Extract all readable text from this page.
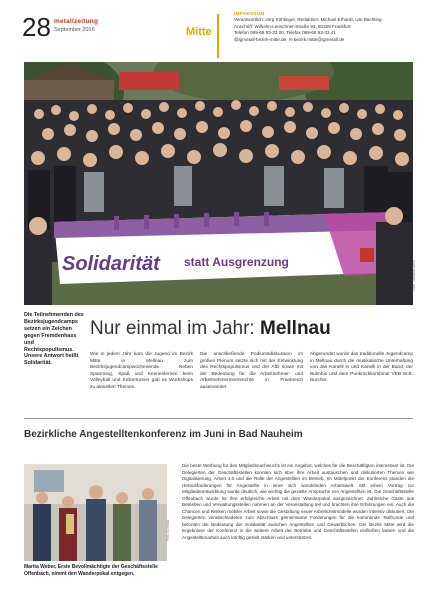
28 metallzeitung
September 2016	Mitte
IMPRESSUM
Verantwortlich: Jörg Köhlinger, Redaktion: Michael Erhardt, Ute Büchting
Anschrift: Wilhelm-Leuschner-Straße 93, 60329 Frankfurt
Telefon 069-66 93-33 00, Telefax 069-66 93-33 41
@igmetall-bezirk-mitte.de, ✉ bezirk.mitte@igmetall.de
Solidarität statt Ausgrenzung	Foto: Stefanie Stein
Die Teilnehmenden des Bezirksjugendcamps setzen ein Zeichen gegen Fremdenhass und Rechtspopulismus. Unsere Antwort heißt Solidarität.
Nur einmal im Jahr: Mellnau
Wie in jedem Jahr kam die Jugend im Bezirk Mitte in Mellnau zum Bezirksjugendcampwochenende. Neben Spannung, Spaß und Kennenlernen beim Volleyball und Kickerturnier gab es Workshops zu aktuellen Themen.
Die anschließende Podiumsdiskussion im großen Plenum setzte sich mit der Entwicklung des Rechtspopulismus und der AfD sowie mit der Bedeutung für die Arbeitnehmer- und Arbeitnehmerinnenrechte in Frankreich auseinander.
Abgerundet wurde das traditionelle Jugendcamp in Mellnau durch die musikalische Unterhaltung von Jan Kanelli in und Kanelli in der Band, der Bulmbio und dem Punkrockkombinat VEB W.B. Burcher.
Bezirkliche Angestelltenkonferenz im Juni in Bad Nauheim
Foto: IG Metall
Marita Weber, Erste Bevollmächtigte der Geschäftsstelle Offenbach, nimmt den Wanderpokal entgegen.
Die beste Werbung für den Mitgliedsnachwuchs ist ein Angebot, welches für die Beschäftigten interessant ist. Die Delegierten der Geschäftsstellen konnten sich über ihre Arbeit austauschen und diskutierten Themen wie Digitalisierung, Arbeit 4.0 und die Rolle der Angestellten im Betrieb. Im Mittelpunkt der Konferenz standen die Herausforderungen für Angestellte in einer sich wandelnden Arbeitswelt. Mit einem Vortrag zur Mitgliederentwicklung wurde deutlich, wie wichtig die gezielte Ansprache von Angestellten ist. Die Geschäftsstelle Offenbach wurde für ihre erfolgreiche Arbeit mit dem Wanderpokal ausgezeichnet. Zahlreiche Gäste aus Betrieben und Verwaltungsstellen nahmen an der Veranstaltung teil und brachten ihre Erfahrungen ein. Auch die Chancen und Risiken mobiler Arbeit sowie die Gestaltung neuer Arbeitszeitmodelle wurden intensiv diskutiert. Die Delegierten verabschiedeten zum Abschluss gemeinsame Forderungen für die kommende Tarifrunde und betonten die Bedeutung der Solidarität zwischen Angestellten und Gewerblichen. Der Bezirk Mitte wird die Ergebnisse der Konferenz in die weitere Arbeit der Betriebe und Geschäftsstellen einfließen lassen und die Angestelltenarbeit auch künftig gezielt stärken und unterstützen.
